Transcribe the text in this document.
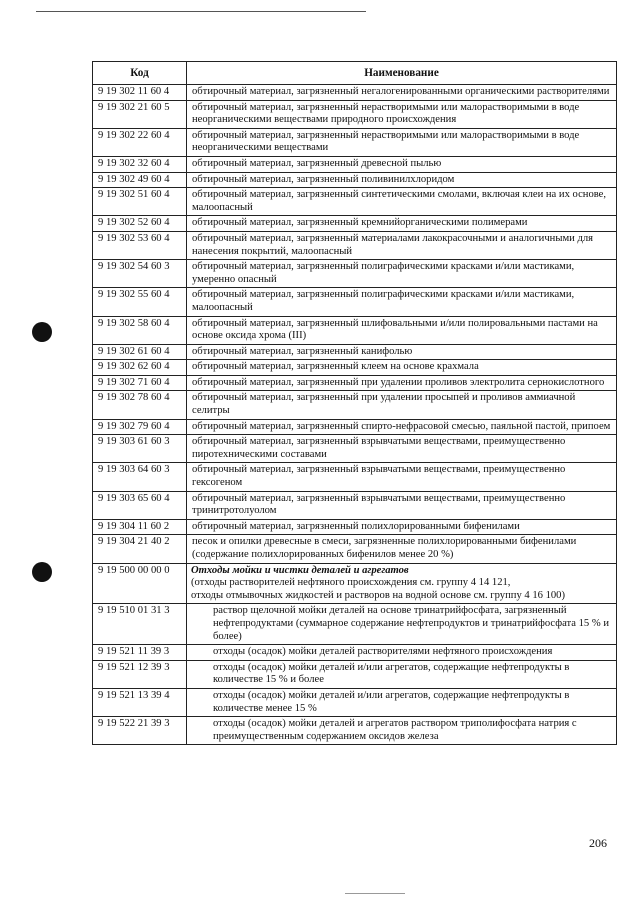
Код	Наименование
9 19 302 11 60 4	обтирочный материал, загрязненный негалогенированными органическими растворителями
9 19 302 21 60 5	обтирочный материал, загрязненный нерастворимыми или малорастворимыми в воде неорганическими веществами природного происхождения
9 19 302 22 60 4	обтирочный материал, загрязненный нерастворимыми или малорастворимыми в воде неорганическими веществами
9 19 302 32 60 4	обтирочный материал, загрязненный древесной пылью
9 19 302 49 60 4	обтирочный материал, загрязненный поливинилхлоридом
9 19 302 51 60 4	обтирочный материал, загрязненный синтетическими смолами, включая клеи на их основе, малоопасный
9 19 302 52 60 4	обтирочный материал, загрязненный кремнийорганическими полимерами
9 19 302 53 60 4	обтирочный материал, загрязненный материалами лакокрасочными и аналогичными для нанесения покрытий, малоопасный
9 19 302 54 60 3	обтирочный материал, загрязненный полиграфическими красками и/или мастиками, умеренно опасный
9 19 302 55 60 4	обтирочный материал, загрязненный полиграфическими красками и/или мастиками, малоопасный
9 19 302 58 60 4	обтирочный материал, загрязненный шлифовальными и/или полировальными пастами на основе оксида хрома (III)
9 19 302 61 60 4	обтирочный материал, загрязненный канифолью
9 19 302 62 60 4	обтирочный материал, загрязненный клеем на основе крахмала
9 19 302 71 60 4	обтирочный материал, загрязненный при удалении проливов электролита сернокислотного
9 19 302 78 60 4	обтирочный материал, загрязненный при удалении просыпей и проливов аммиачной селитры
9 19 302 79 60 4	обтирочный материал, загрязненный спирто-нефрасовой смесью, паяльной пастой, припоем
9 19 303 61 60 3	обтирочный материал, загрязненный взрывчатыми веществами, преимущественно пиротехническими составами
9 19 303 64 60 3	обтирочный материал, загрязненный взрывчатыми веществами, преимущественно гексогеном
9 19 303 65 60 4	обтирочный материал, загрязненный взрывчатыми веществами, преимущественно тринитротолуолом
9 19 304 11 60 2	обтирочный материал, загрязненный полихлорированными бифенилами
9 19 304 21 40 2	песок и опилки древесные в смеси, загрязненные полихлорированными бифенилами (содержание полихлорированных бифенилов менее 20 %)
9 19 500 00 00 0	Отходы мойки и чистки деталей и агрегатов
(отходы растворителей нефтяного происхождения см. группу 4 14 121,
отходы отмывочных жидкостей и растворов на водной основе см. группу 4 16 100)

9 19 510 01 31 3	раствор щелочной мойки деталей на основе тринатрийфосфата, загрязненный нефтепродуктами (суммарное содержание нефтепродуктов и тринатрийфосфата 15 % и более)
9 19 521 11 39 3	отходы (осадок) мойки деталей растворителями нефтяного происхождения
9 19 521 12 39 3	отходы (осадок) мойки деталей и/или агрегатов, содержащие нефтепродукты в количестве 15 % и более
9 19 521 13 39 4	отходы (осадок) мойки деталей и/или агрегатов, содержащие нефтепродукты в количестве менее 15 %
9 19 522 21 39 3	отходы (осадок) мойки деталей и агрегатов раствором триполифосфата натрия с преимущественным содержанием оксидов железа
206
